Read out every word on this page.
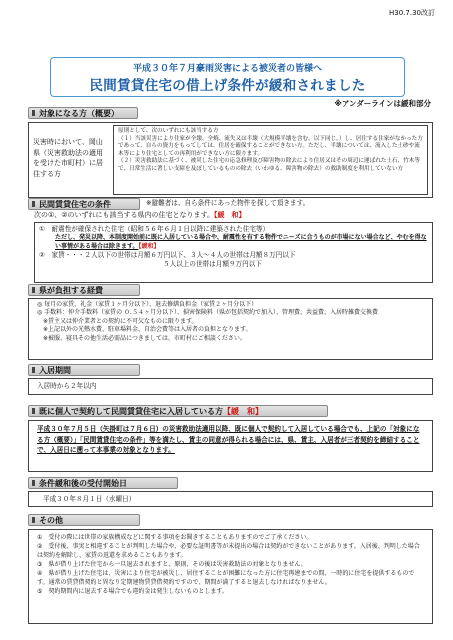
H30.7.30改訂
平成３０年７月豪雨災害による被災者の皆様へ
民間賃貸住宅の借上げ条件が緩和されました
※アンダーラインは緩和部分
対象になる方（概要）
災害時において、岡山県（災害救助法の適用を受けた市町村）に居住する方
原則として、次のいずれにも該当する方
（１）当該災害により住家が全壊、全焼、流失又は半壊（大規模半壊を含む。以下同じ。）し、居住する住家がなかった方であって、自らの資力をもってしては、住居を確保することができない方。ただし、半壊については、流入した土砂や流木等により住宅としての再利用ができない方に限ります。
（２）災害救助法に基づく、被災した住宅の応急修理及び障害物の除去により住居又はその周辺に運ばれた土石、竹木等で、日常生活に著しい支障を及ぼしているものの除去（いわゆる、障害物の除去）の救助制度を利用していない方
民間賃貸住宅の条件	※避難者は、自ら条件にあった物件を探して頂きます。
次の①、②のいずれにも該当する県内の住宅となります。【緩　和】
①　耐震性が確保された住宅（昭和５６年６月１日以降に建築された住宅等）
ただし、発災以降、本制度開始前に既に入居している場合や、耐震性を有する物件でニーズに合うものが市場にない場合など、やむを得ない事情がある場合は除きます。【緩和】
②　家賃・・・２人以下の世帯は月額６万円以下、３人～４人の世帯は月額８万円以下
５人以上の世帯は月額９万円以下
県が負担する経費
◎ 毎月の家賃、礼金（家賃１ヶ月分以下）、退去修繕負担金（家賃２ヶ月分以下）
◎ 手数料：仲介手数料（家賃の ０.５４ヶ月分以下）、損害保険料（県が包括契約で加入）、管理費、共益費、入居時雑費交換費
※賃主又は仲介業者との契約に不可欠なものに限ります。
※上記以外の光熱水費、駐車場料金、自治会費等は入居者の負担となります。
※被服、寝具その他生活必需品につきましては、市町村にご相談ください。
入居期間
入居時から２年以内
既に個人で契約して民間賃貸住宅に入居している方【緩　和】
平成３０年７月５日（矢掛町は７月６日）の災害救助法適用以降、既に個人で契約して入居している場合でも、上記の「対象になる方（概要）」「民間賃貸住宅の条件」等を満たし、賃主の同意が得られる場合には、県、賃主、入居者が三者契約を締結することで、入居日に遡って本事業の対象となります。
条件緩和後の受付開始日
平成３０年８月１日（水曜日）
その他
①　受付の際には世帯の家族構成などに関する事項をお聞きすることもありますのでご了承ください。
②　受付後、事実と相違することが判明した場合や、必要な証明書等が未提出の場合は契約ができないことがあります。入居後、判明した場合は契約を解除し、家賃の返還を求めることもあります。
③　県が借り上げた住宅から一旦退去されますと、原則、その後は災害救助法の対象となりません。
④　県が借り上げた住宅は、災害により住宅が被災し、居住することが困難になった方に住宅再建までの間、一時的に住宅を提供するものです。通常の賃貸借契約と異なり定期建物賃貸借契約ですので、期間が満了すると退去しなければなりません。
⑤　契約期間内に退去する場合でも違約金は発生しないものとします。
